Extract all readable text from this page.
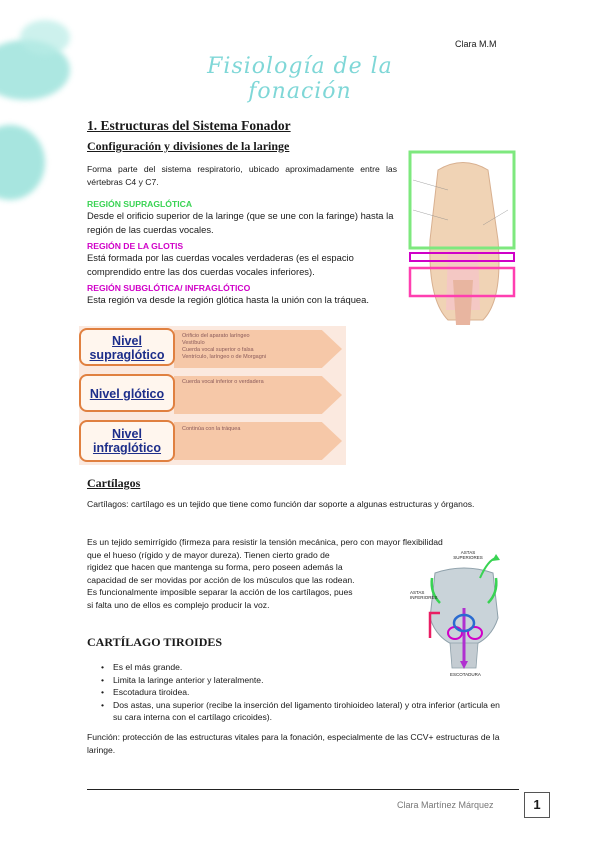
Clara M.M
Fisiología de la fonación
1. Estructuras del Sistema Fonador
Configuración y divisiones de la laringe
Forma parte del sistema respiratorio, ubicado aproximadamente entre las vértebras C4 y C7.
REGIÓN SUPRAGLÓTICA
Desde el orificio superior de la laringe (que se une con la faringe) hasta la región de las cuerdas vocales.
REGIÓN DE LA GLOTIS
Está formada por las cuerdas vocales verdaderas (es el espacio comprendido entre las dos cuerdas vocales inferiores).
REGIÓN SUBGLÓTICA/ INFRAGLÓTICO
Esta región va desde la región glótica hasta la unión con la tráquea.
Nivel supraglótico
Nivel glótico
Nivel infraglótico
Orificio del aparato laríngeo
Vestíbulo
Cuerda vocal superior o falsa
Ventrículo, laríngeo o de Morgagni
Cuerda vocal inferior o verdadera
Continúa con la tráquea
Cartílagos
Cartílagos: cartílago es un tejido que tiene como función dar soporte a algunas estructuras y órganos.
Es un tejido semirrígido (firmeza para resistir la tensión mecánica, pero con mayor flexibilidad
que el hueso (rígido y de mayor dureza). Tienen cierto grado de
rigidez que hacen que mantenga su forma, pero poseen además la
capacidad de ser movidas por acción de los músculos que las rodean.
Es funcionalmente imposible separar la acción de los cartílagos, pues
si falta uno de ellos es complejo producir la voz.
ASTAS SUPERIORES
ASTAS INFERIORES
ESCOTADURA
CARTÍLAGO TIROIDES
• Es el más grande.
• Limita la laringe anterior y lateralmente.
• Escotadura tiroidea.
• Dos astas, una superior (recibe la inserción del ligamento tirohioideo lateral) y otra inferior (articula en su cara interna con el cartílago cricoides).
Función: protección de las estructuras vitales para la fonación, especialmente de las CCV+ estructuras de la laringe.
Clara Martínez Márquez	1
